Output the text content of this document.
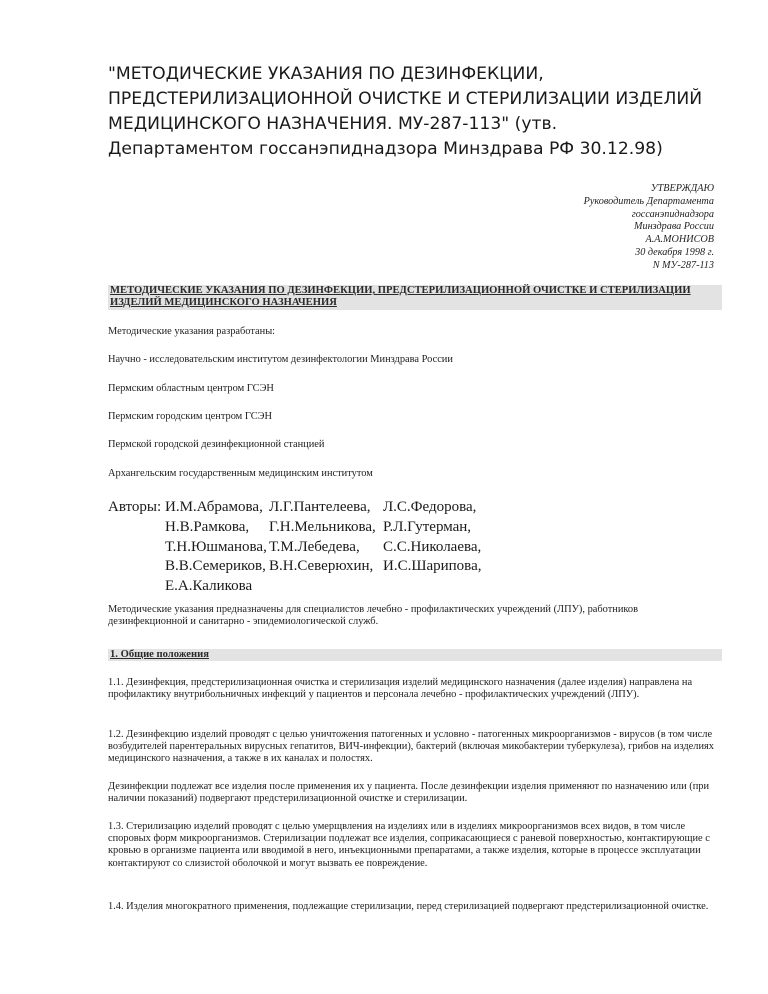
"МЕТОДИЧЕСКИЕ УКАЗАНИЯ ПО ДЕЗИНФЕКЦИИ, ПРЕДСТЕРИЛИЗАЦИОННОЙ ОЧИСТКЕ И СТЕРИЛИЗАЦИИ ИЗДЕЛИЙ МЕДИЦИНСКОГО НАЗНАЧЕНИЯ. МУ-287-113" (утв. Департаментом госсанэпиднадзора Минздрава РФ 30.12.98)
УТВЕРЖДАЮ
Руководитель Департамента
госсанэпиднадзора
Минздрава России
А.А.МОНИСОВ
30 декабря 1998 г.
N МУ-287-113
МЕТОДИЧЕСКИЕ УКАЗАНИЯ ПО ДЕЗИНФЕКЦИИ, ПРЕДСТЕРИЛИЗАЦИОННОЙ ОЧИСТКЕ И СТЕРИЛИЗАЦИИ ИЗДЕЛИЙ МЕДИЦИНСКОГО НАЗНАЧЕНИЯ

Методические указания разработаны:

Научно - исследовательским институтом дезинфектологии Минздрава России

Пермским областным центром ГСЭН

Пермским городским центром ГСЭН

Пермской городской дезинфекционной станцией

Архангельским государственным медицинским институтом

Авторы: И.М.Абрамова, Л.Г.Пантелеева, Л.С.Федорова,
Н.В.Рамкова, Г.Н.Мельникова, Р.Л.Гутерман,
Т.Н.Юшманова, Т.М.Лебедева, С.С.Николаева,
В.В.Семериков, В.Н.Северюхин, И.С.Шарипова,
Е.А.Каликова

Методические указания предназначены для специалистов лечебно - профилактических учреждений (ЛПУ), работников дезинфекционной и санитарно - эпидемиологической служб.

1. Общие положения

1.1. Дезинфекция, предстерилизационная очистка и стерилизация изделий медицинского назначения (далее изделия) направлена на профилактику внутрибольничных инфекций у пациентов и персонала лечебно - профилактических учреждений (ЛПУ).

1.2. Дезинфекцию изделий проводят с целью уничтожения патогенных и условно - патогенных микроорганизмов - вирусов (в том числе возбудителей парентеральных вирусных гепатитов, ВИЧ-инфекции), бактерий (включая микобактерии туберкулеза), грибов на изделиях медицинского назначения, а также в их каналах и полостях.

Дезинфекции подлежат все изделия после применения их у пациента. После дезинфекции изделия применяют по назначению или (при наличии показаний) подвергают предстерилизационной очистке и стерилизации.

1.3. Стерилизацию изделий проводят с целью умерщвления на изделиях или в изделиях микроорганизмов всех видов, в том числе споровых форм микроорганизмов. Стерилизации подлежат все изделия, соприкасающиеся с раневой поверхностью, контактирующие с кровью в организме пациента или вводимой в него, инъекционными препаратами, а также изделия, которые в процессе эксплуатации контактируют со слизистой оболочкой и могут вызвать ее повреждение.

1.4. Изделия многократного применения, подлежащие стерилизации, перед стерилизацией подвергают предстерилизационной очистке.
